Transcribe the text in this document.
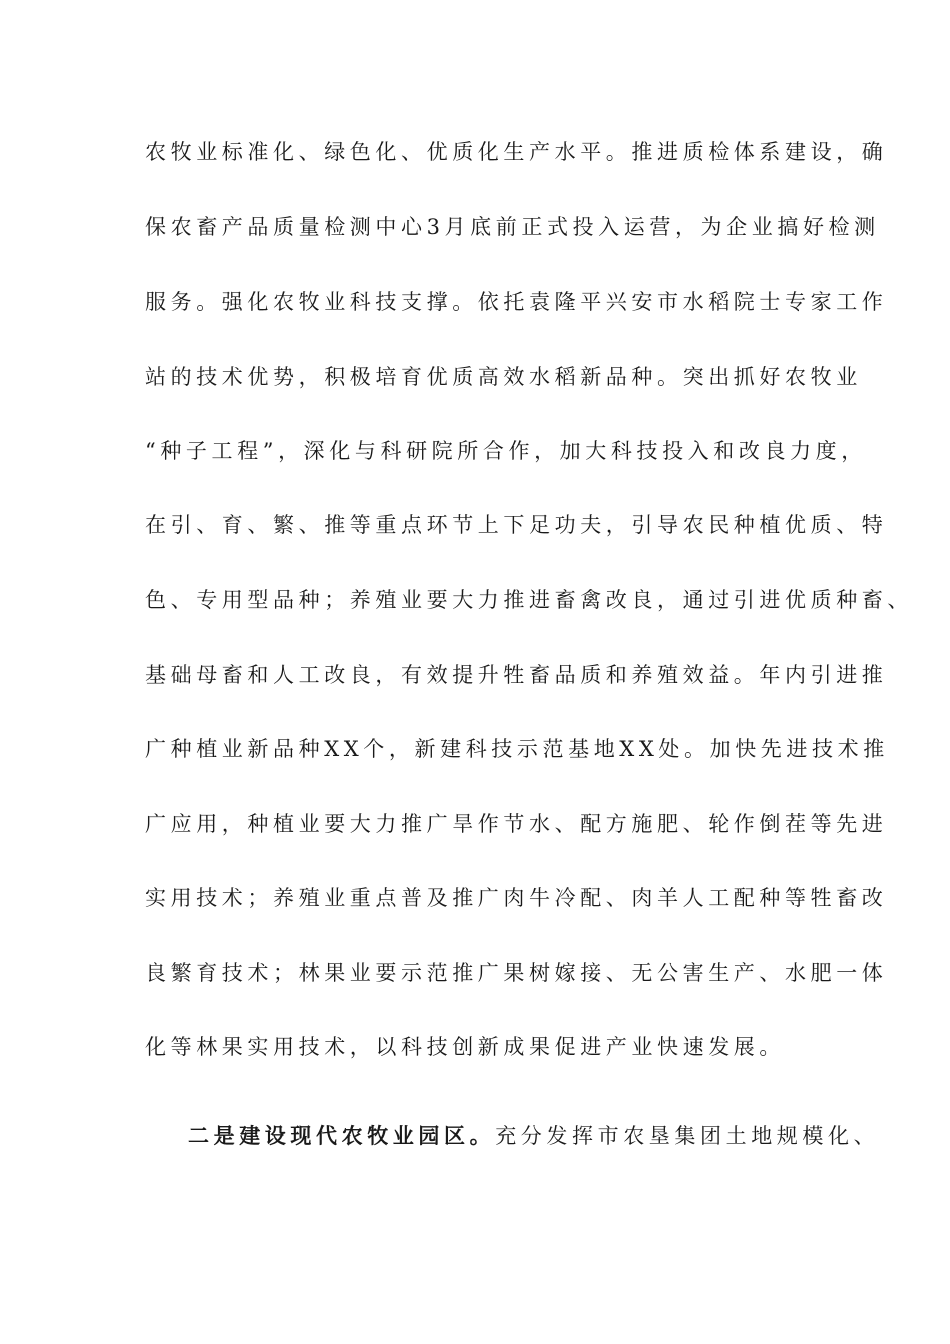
农牧业标准化、绿色化、优质化生产水平。推进质检体系建设，确
保农畜产品质量检测中心3月底前正式投入运营，为企业搞好检测
服务。强化农牧业科技支撑。依托袁隆平兴安市水稻院士专家工作
站的技术优势，积极培育优质高效水稻新品种。突出抓好农牧业
“种子工程”，深化与科研院所合作，加大科技投入和改良力度，
在引、育、繁、推等重点环节上下足功夫，引导农民种植优质、特
色、专用型品种；养殖业要大力推进畜禽改良，通过引进优质种畜、
基础母畜和人工改良，有效提升牲畜品质和养殖效益。年内引进推
广种植业新品种XX个，新建科技示范基地XX处。加快先进技术推
广应用，种植业要大力推广旱作节水、配方施肥、轮作倒茬等先进
实用技术；养殖业重点普及推广肉牛冷配、肉羊人工配种等牲畜改
良繁育技术；林果业要示范推广果树嫁接、无公害生产、水肥一体
化等林果实用技术，以科技创新成果促进产业快速发展。
二是建设现代农牧业园区。充分发挥市农垦集团土地规模化、
